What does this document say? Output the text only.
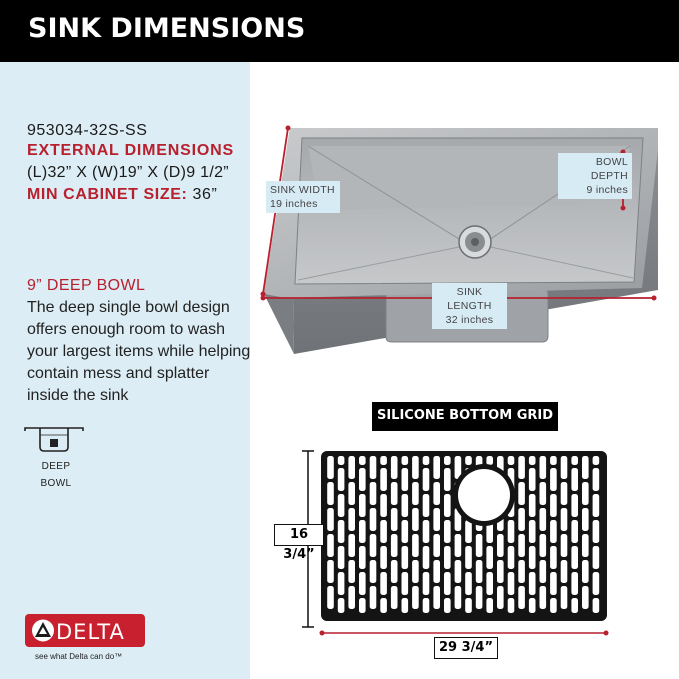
SINK DIMENSIONS
953034-32S-SS
EXTERNAL DIMENSIONS
(L)32” X (W)19” X (D)9 1/2”
MIN CABINET SIZE: 36”
9” DEEP BOWL
The deep single bowl design offers enough room to wash your largest items while helping contain mess and splatter inside the sink
DEEP
BOWL
DELTA
see what Delta can do™
SINK WIDTH
19 inches
BOWL DEPTH
9 inches
SINK LENGTH
32 inches
SILICONE BOTTOM GRID
16 3/4”
29 3/4”
